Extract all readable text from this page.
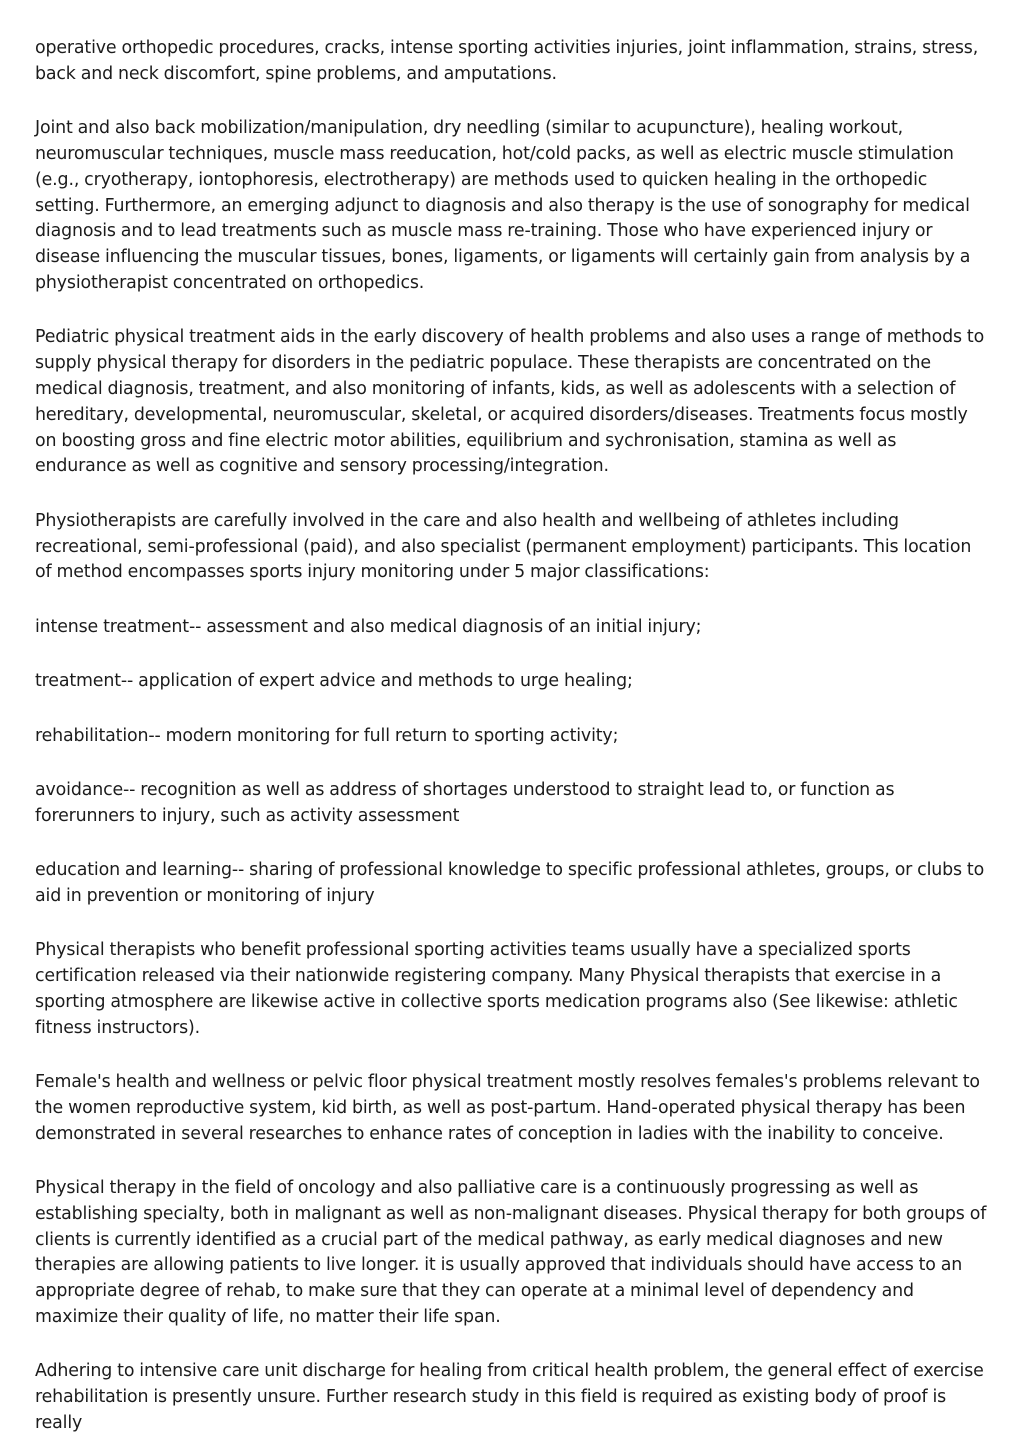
operative orthopedic procedures, cracks, intense sporting activities injuries, joint inflammation, strains, stress, back and neck discomfort, spine problems, and amputations.

Joint and also back mobilization/manipulation, dry needling (similar to acupuncture), healing workout, neuromuscular techniques, muscle mass reeducation, hot/cold packs, as well as electric muscle stimulation (e.g., cryotherapy, iontophoresis, electrotherapy) are methods used to quicken healing in the orthopedic setting. Furthermore, an emerging adjunct to diagnosis and also therapy is the use of sonography for medical diagnosis and to lead treatments such as muscle mass re-training. Those who have experienced injury or disease influencing the muscular tissues, bones, ligaments, or ligaments will certainly gain from analysis by a physiotherapist concentrated on orthopedics.

Pediatric physical treatment aids in the early discovery of health problems and also uses a range of methods to supply physical therapy for disorders in the pediatric populace. These therapists are concentrated on the medical diagnosis, treatment, and also monitoring of infants, kids, as well as adolescents with a selection of hereditary, developmental, neuromuscular, skeletal, or acquired disorders/diseases. Treatments focus mostly on boosting gross and fine electric motor abilities, equilibrium and sychronisation, stamina as well as endurance as well as cognitive and sensory processing/integration.

Physiotherapists are carefully involved in the care and also health and wellbeing of athletes including recreational, semi-professional (paid), and also specialist (permanent employment) participants. This location of method encompasses sports injury monitoring under 5 major classifications:

intense treatment-- assessment and also medical diagnosis of an initial injury;

treatment-- application of expert advice and methods to urge healing;

rehabilitation-- modern monitoring for full return to sporting activity;

avoidance-- recognition as well as address of shortages understood to straight lead to, or function as forerunners to injury, such as activity assessment

education and learning-- sharing of professional knowledge to specific professional athletes, groups, or clubs to aid in prevention or monitoring of injury

Physical therapists who benefit professional sporting activities teams usually have a specialized sports certification released via their nationwide registering company. Many Physical therapists that exercise in a sporting atmosphere are likewise active in collective sports medication programs also (See likewise: athletic fitness instructors).

Female's health and wellness or pelvic floor physical treatment mostly resolves females's problems relevant to the women reproductive system, kid birth, as well as post-partum. Hand-operated physical therapy has been demonstrated in several researches to enhance rates of conception in ladies with the inability to conceive.

Physical therapy in the field of oncology and also palliative care is a continuously progressing as well as establishing specialty, both in malignant as well as non-malignant diseases. Physical therapy for both groups of clients is currently identified as a crucial part of the medical pathway, as early medical diagnoses and new therapies are allowing patients to live longer. it is usually approved that individuals should have access to an appropriate degree of rehab, to make sure that they can operate at a minimal level of dependency and maximize their quality of life, no matter their life span.

Adhering to intensive care unit discharge for healing from critical health problem, the general effect of exercise rehabilitation is presently unsure. Further research study in this field is required as existing body of proof is really
